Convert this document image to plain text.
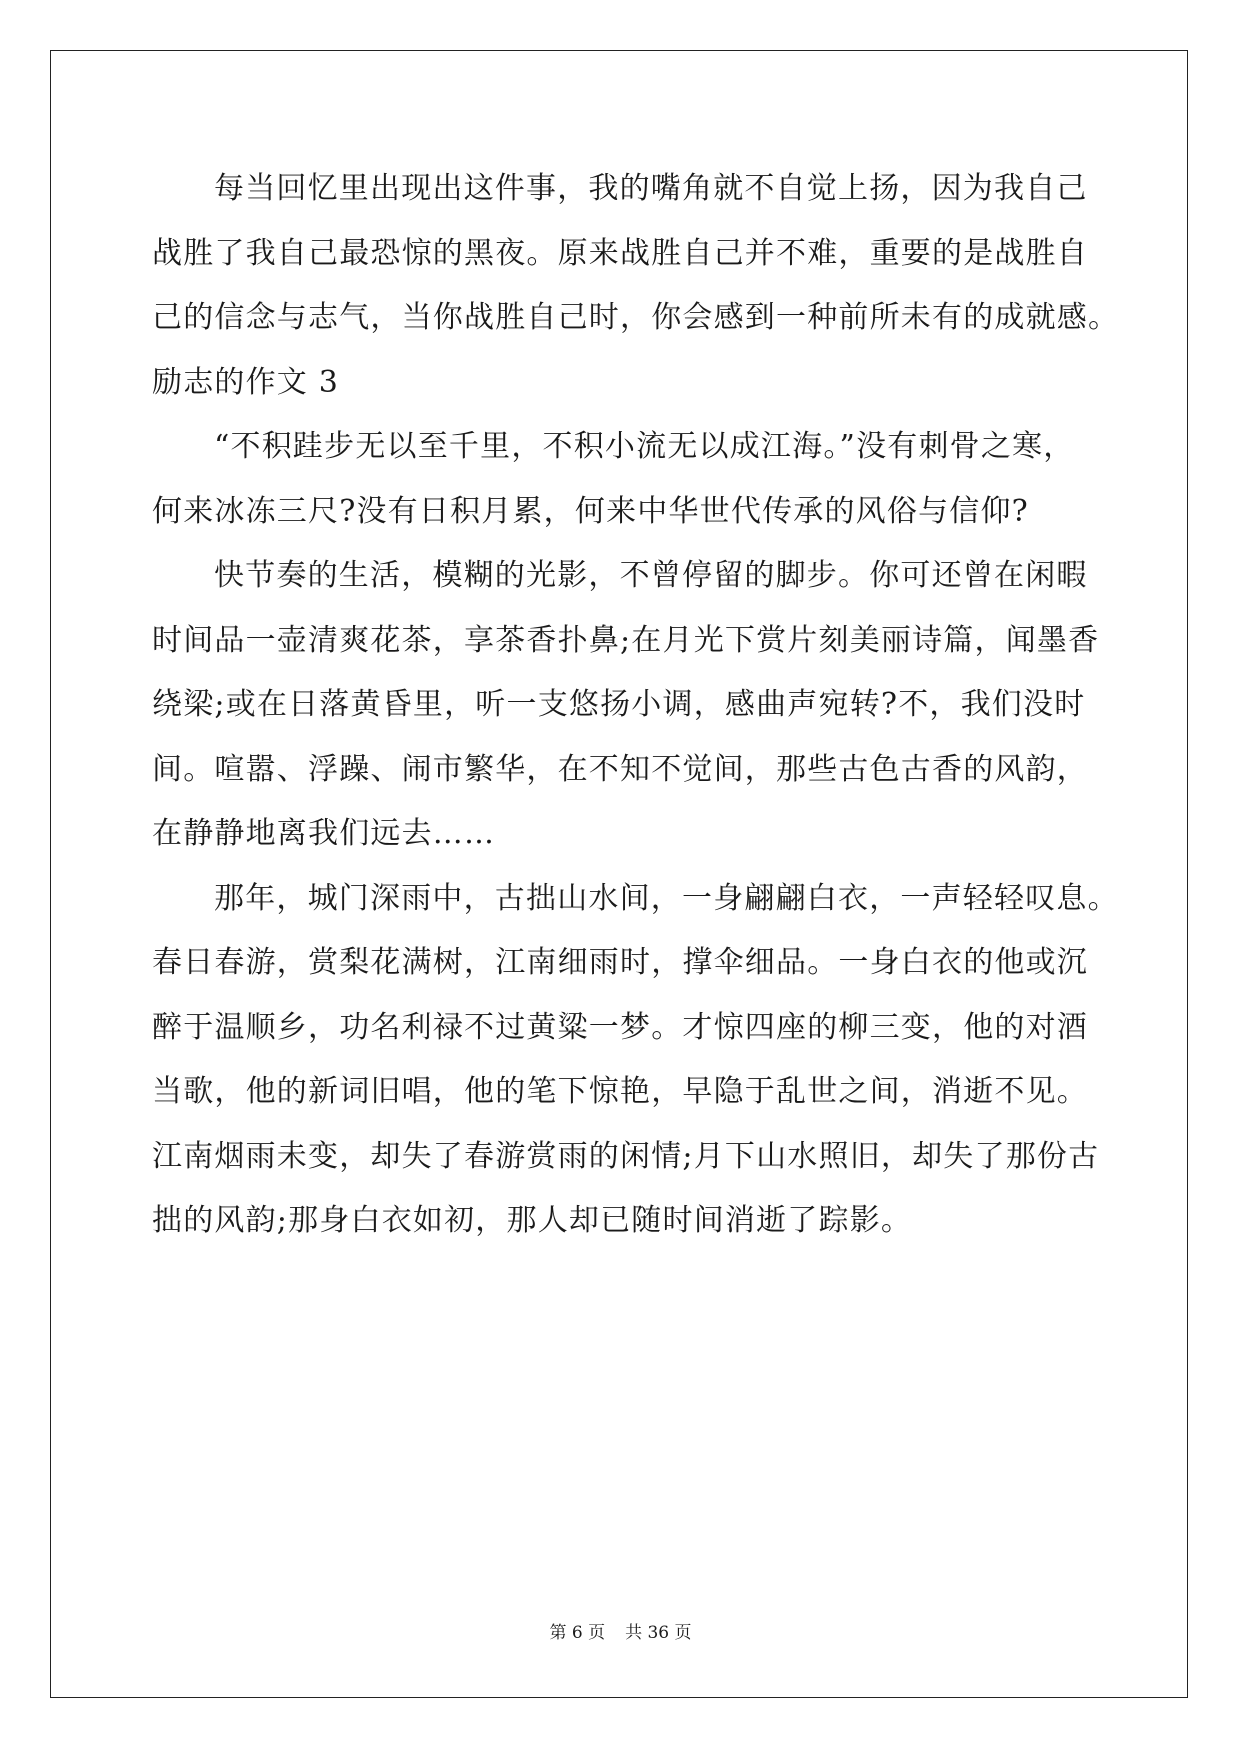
每当回忆里出现出这件事，我的嘴角就不自觉上扬，因为我自己
战胜了我自己最恐惊的黑夜。原来战胜自己并不难，重要的是战胜自
己的信念与志气，当你战胜自己时，你会感到一种前所未有的成就感。
励志的作文 3
“不积跬步无以至千里，不积小流无以成江海。”没有刺骨之寒，
何来冰冻三尺?没有日积月累，何来中华世代传承的风俗与信仰?
快节奏的生活，模糊的光影，不曾停留的脚步。你可还曾在闲暇
时间品一壶清爽花茶，享茶香扑鼻;在月光下赏片刻美丽诗篇，闻墨香
绕梁;或在日落黄昏里，听一支悠扬小调，感曲声宛转?不，我们没时
间。喧嚣、浮躁、闹市繁华，在不知不觉间，那些古色古香的风韵，
在静静地离我们远去……
那年，城门深雨中，古拙山水间，一身翩翩白衣，一声轻轻叹息。
春日春游，赏梨花满树，江南细雨时，撑伞细品。一身白衣的他或沉
醉于温顺乡，功名利禄不过黄粱一梦。才惊四座的柳三变，他的对酒
当歌，他的新词旧唱，他的笔下惊艳，早隐于乱世之间，消逝不见。
江南烟雨未变，却失了春游赏雨的闲情;月下山水照旧，却失了那份古
拙的风韵;那身白衣如初，那人却已随时间消逝了踪影。
第 6 页 共 36 页
